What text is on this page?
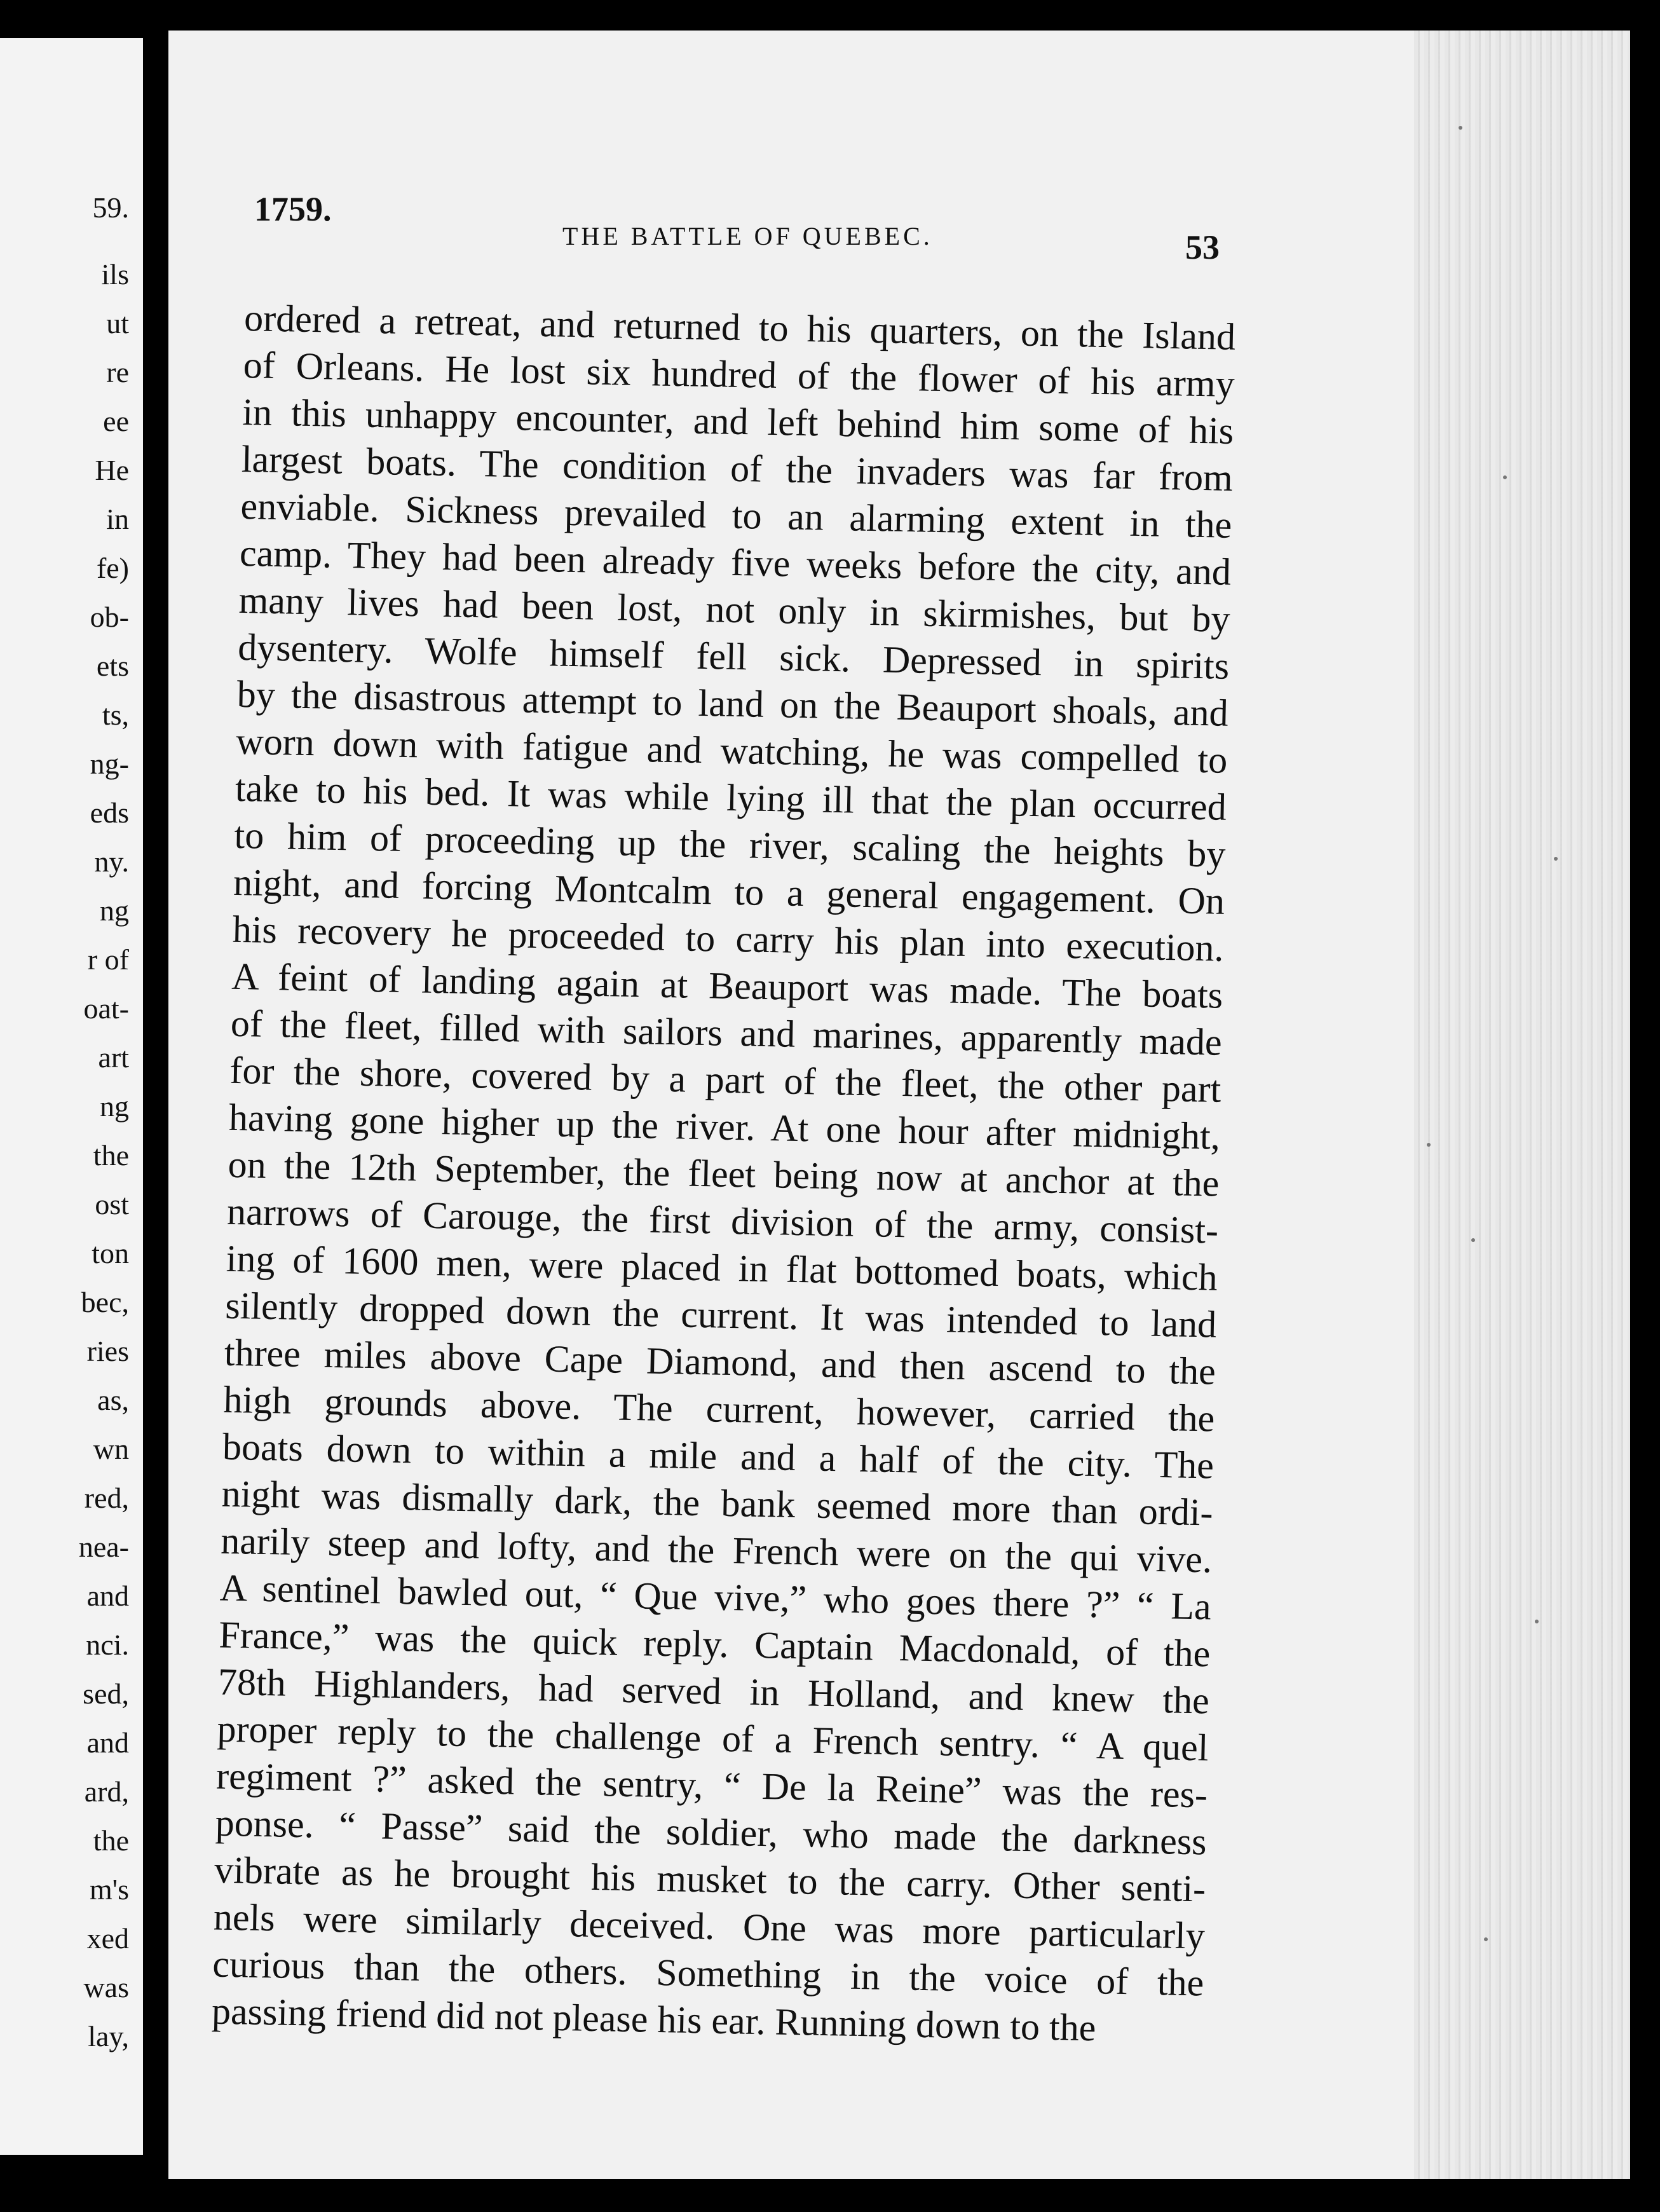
59.
ils
ut
re
ee
He
in
fe)
ob-
ets
ts,
ng-
eds
ny.
ng
r of
oat-
art
ng
the
ost
ton
bec,
ries
as,
wn
red,
nea-
and
nci.
sed,
and
ard,
the
m's
xed
was
lay,
1759.
THE BATTLE OF QUEBEC.	53
ordered a retreat, and returned to his quarters, on the Island
of Orleans. He lost six hundred of the flower of his army
in this unhappy encounter, and left behind him some of his
largest boats. The condition of the invaders was far from
enviable. Sickness prevailed to an alarming extent in the
camp. They had been already five weeks before the city, and
many lives had been lost, not only in skirmishes, but by
dysentery. Wolfe himself fell sick. Depressed in spirits
by the disastrous attempt to land on the Beauport shoals, and
worn down with fatigue and watching, he was compelled to
take to his bed. It was while lying ill that the plan occurred
to him of proceeding up the river, scaling the heights by
night, and forcing Montcalm to a general engagement. On
his recovery he proceeded to carry his plan into execution.
A feint of landing again at Beauport was made. The boats
of the fleet, filled with sailors and marines, apparently made
for the shore, covered by a part of the fleet, the other part
having gone higher up the river. At one hour after midnight,
on the 12th September, the fleet being now at anchor at the
narrows of Carouge, the first division of the army, consist-
ing of 1600 men, were placed in flat bottomed boats, which
silently dropped down the current. It was intended to land
three miles above Cape Diamond, and then ascend to the
high grounds above. The current, however, carried the
boats down to within a mile and a half of the city. The
night was dismally dark, the bank seemed more than ordi-
narily steep and lofty, and the French were on the qui vive.
A sentinel bawled out, “ Que vive,” who goes there ?” “ La
France,” was the quick reply. Captain Macdonald, of the
78th Highlanders, had served in Holland, and knew the
proper reply to the challenge of a French sentry. “ A quel
regiment ?” asked the sentry, “ De la Reine” was the res-
ponse. “ Passe” said the soldier, who made the darkness
vibrate as he brought his musket to the carry. Other senti-
nels were similarly deceived. One was more particularly
curious than the others. Something in the voice of the
passing friend did not please his ear. Running down to the
